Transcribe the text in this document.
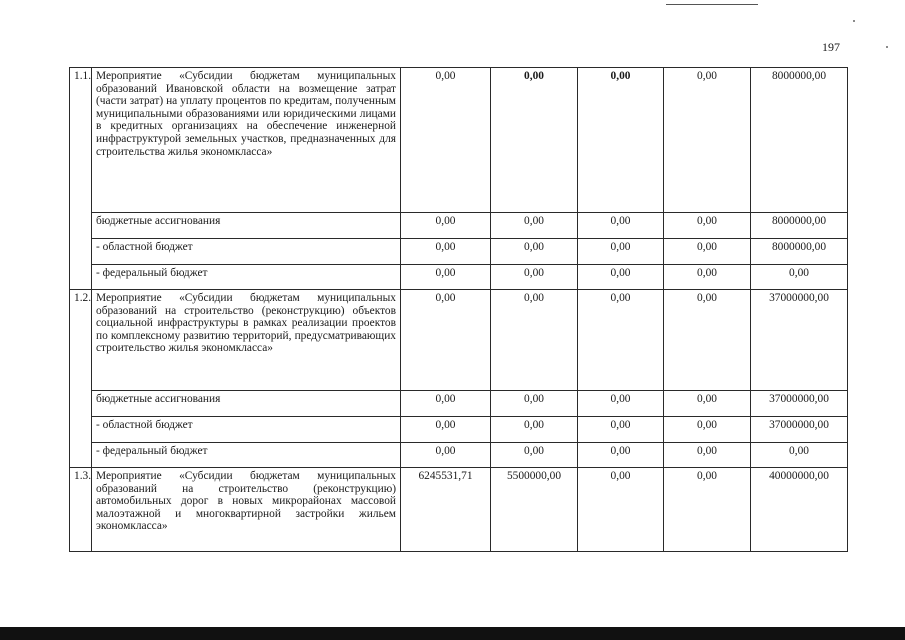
197
1.1.	Мероприятие «Субсидии бюджетам муниципальных образований Ивановской области на возмещение затрат (части затрат) на уплату процентов по кредитам, полученным муниципальными образованиями или юридическими лицами в кредитных организациях на обеспечение инженерной инфраструктурой земельных участков, предназначенных для строительства жилья экономкласса»	0,00	0,00	0,00	0,00	8000000,00
	бюджетные ассигнования	0,00	0,00	0,00	0,00	8000000,00
	- областной бюджет	0,00	0,00	0,00	0,00	8000000,00
	- федеральный бюджет	0,00	0,00	0,00	0,00	0,00
1.2.	Мероприятие «Субсидии бюджетам муниципальных образований на строительство (реконструкцию) объектов социальной инфраструктуры в рамках реализации проектов по комплексному развитию территорий, предусматривающих строительство жилья экономкласса»	0,00	0,00	0,00	0,00	37000000,00
	бюджетные ассигнования	0,00	0,00	0,00	0,00	37000000,00
	- областной бюджет	0,00	0,00	0,00	0,00	37000000,00
	- федеральный бюджет	0,00	0,00	0,00	0,00	0,00
1.3.	Мероприятие «Субсидии бюджетам муниципальных образований на строительство (реконструкцию) автомобильных дорог в новых микрорайонах массовой малоэтажной и многоквартирной застройки жильем экономкласса»	6245531,71	5500000,00	0,00	0,00	40000000,00
